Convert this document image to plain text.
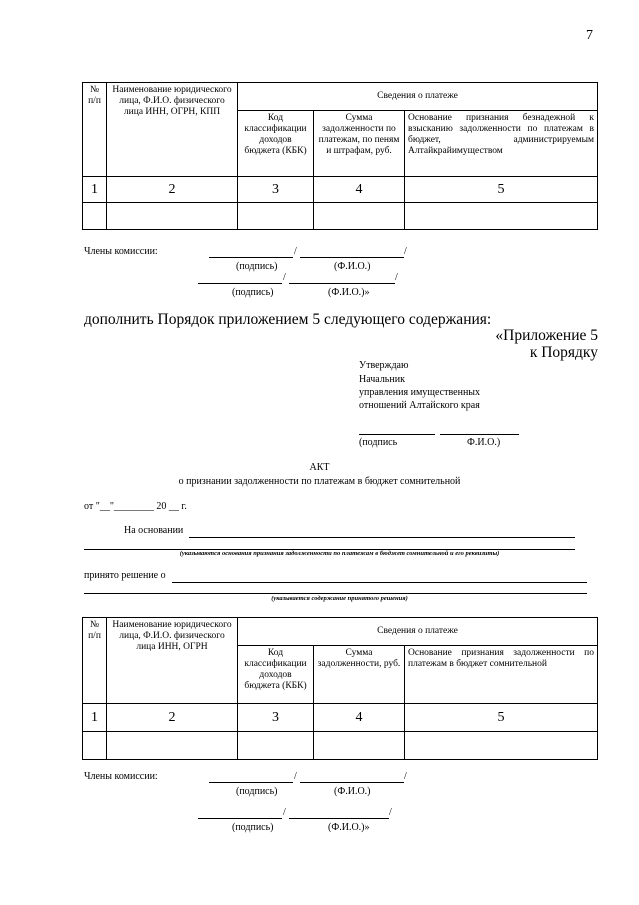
7
№ п/п	Наименование юридического лица, Ф.И.О. физического лица ИНН, ОГРН, КПП	Сведения о платеже		
		Код классификации доходов бюджета (КБК)	Сумма задолженности по платежам, по пеням и штрафам, руб.	Основание признания безнадежной к взысканию задолженности по платежам в бюджет, администрируемым Алтайкрайимуществом
1	2	3	4	5

Члены комиссии:	/	/
(подпись)	(Ф.И.О.)
/	/
(подпись)	(Ф.И.О.)»
дополнить Порядок приложением 5 следующего содержания:
«Приложение 5
к Порядку
Утверждаю
Начальник
управления имущественных
отношений Алтайского края
(подпись	Ф.И.О.)
АКТ
о признании задолженности по платежам в бюджет сомнительной
от "__"________ 20 __ г.
На основании
(указываются основания признания задолженности по платежам в бюджет сомнительной и его реквизиты)
принято решение о
(указывается содержание принятого решения)
№ п/п	Наименование юридического лица, Ф.И.О. физического лица ИНН, ОГРН	Сведения о платеже		
		Код классификации доходов бюджета (КБК)	Сумма задолженности, руб.	Основание признания задолженности по платежам в бюджет сомнительной
1	2	3	4	5

Члены комиссии:	/	/
(подпись)	(Ф.И.О.)
/	/
(подпись)	(Ф.И.О.)»
